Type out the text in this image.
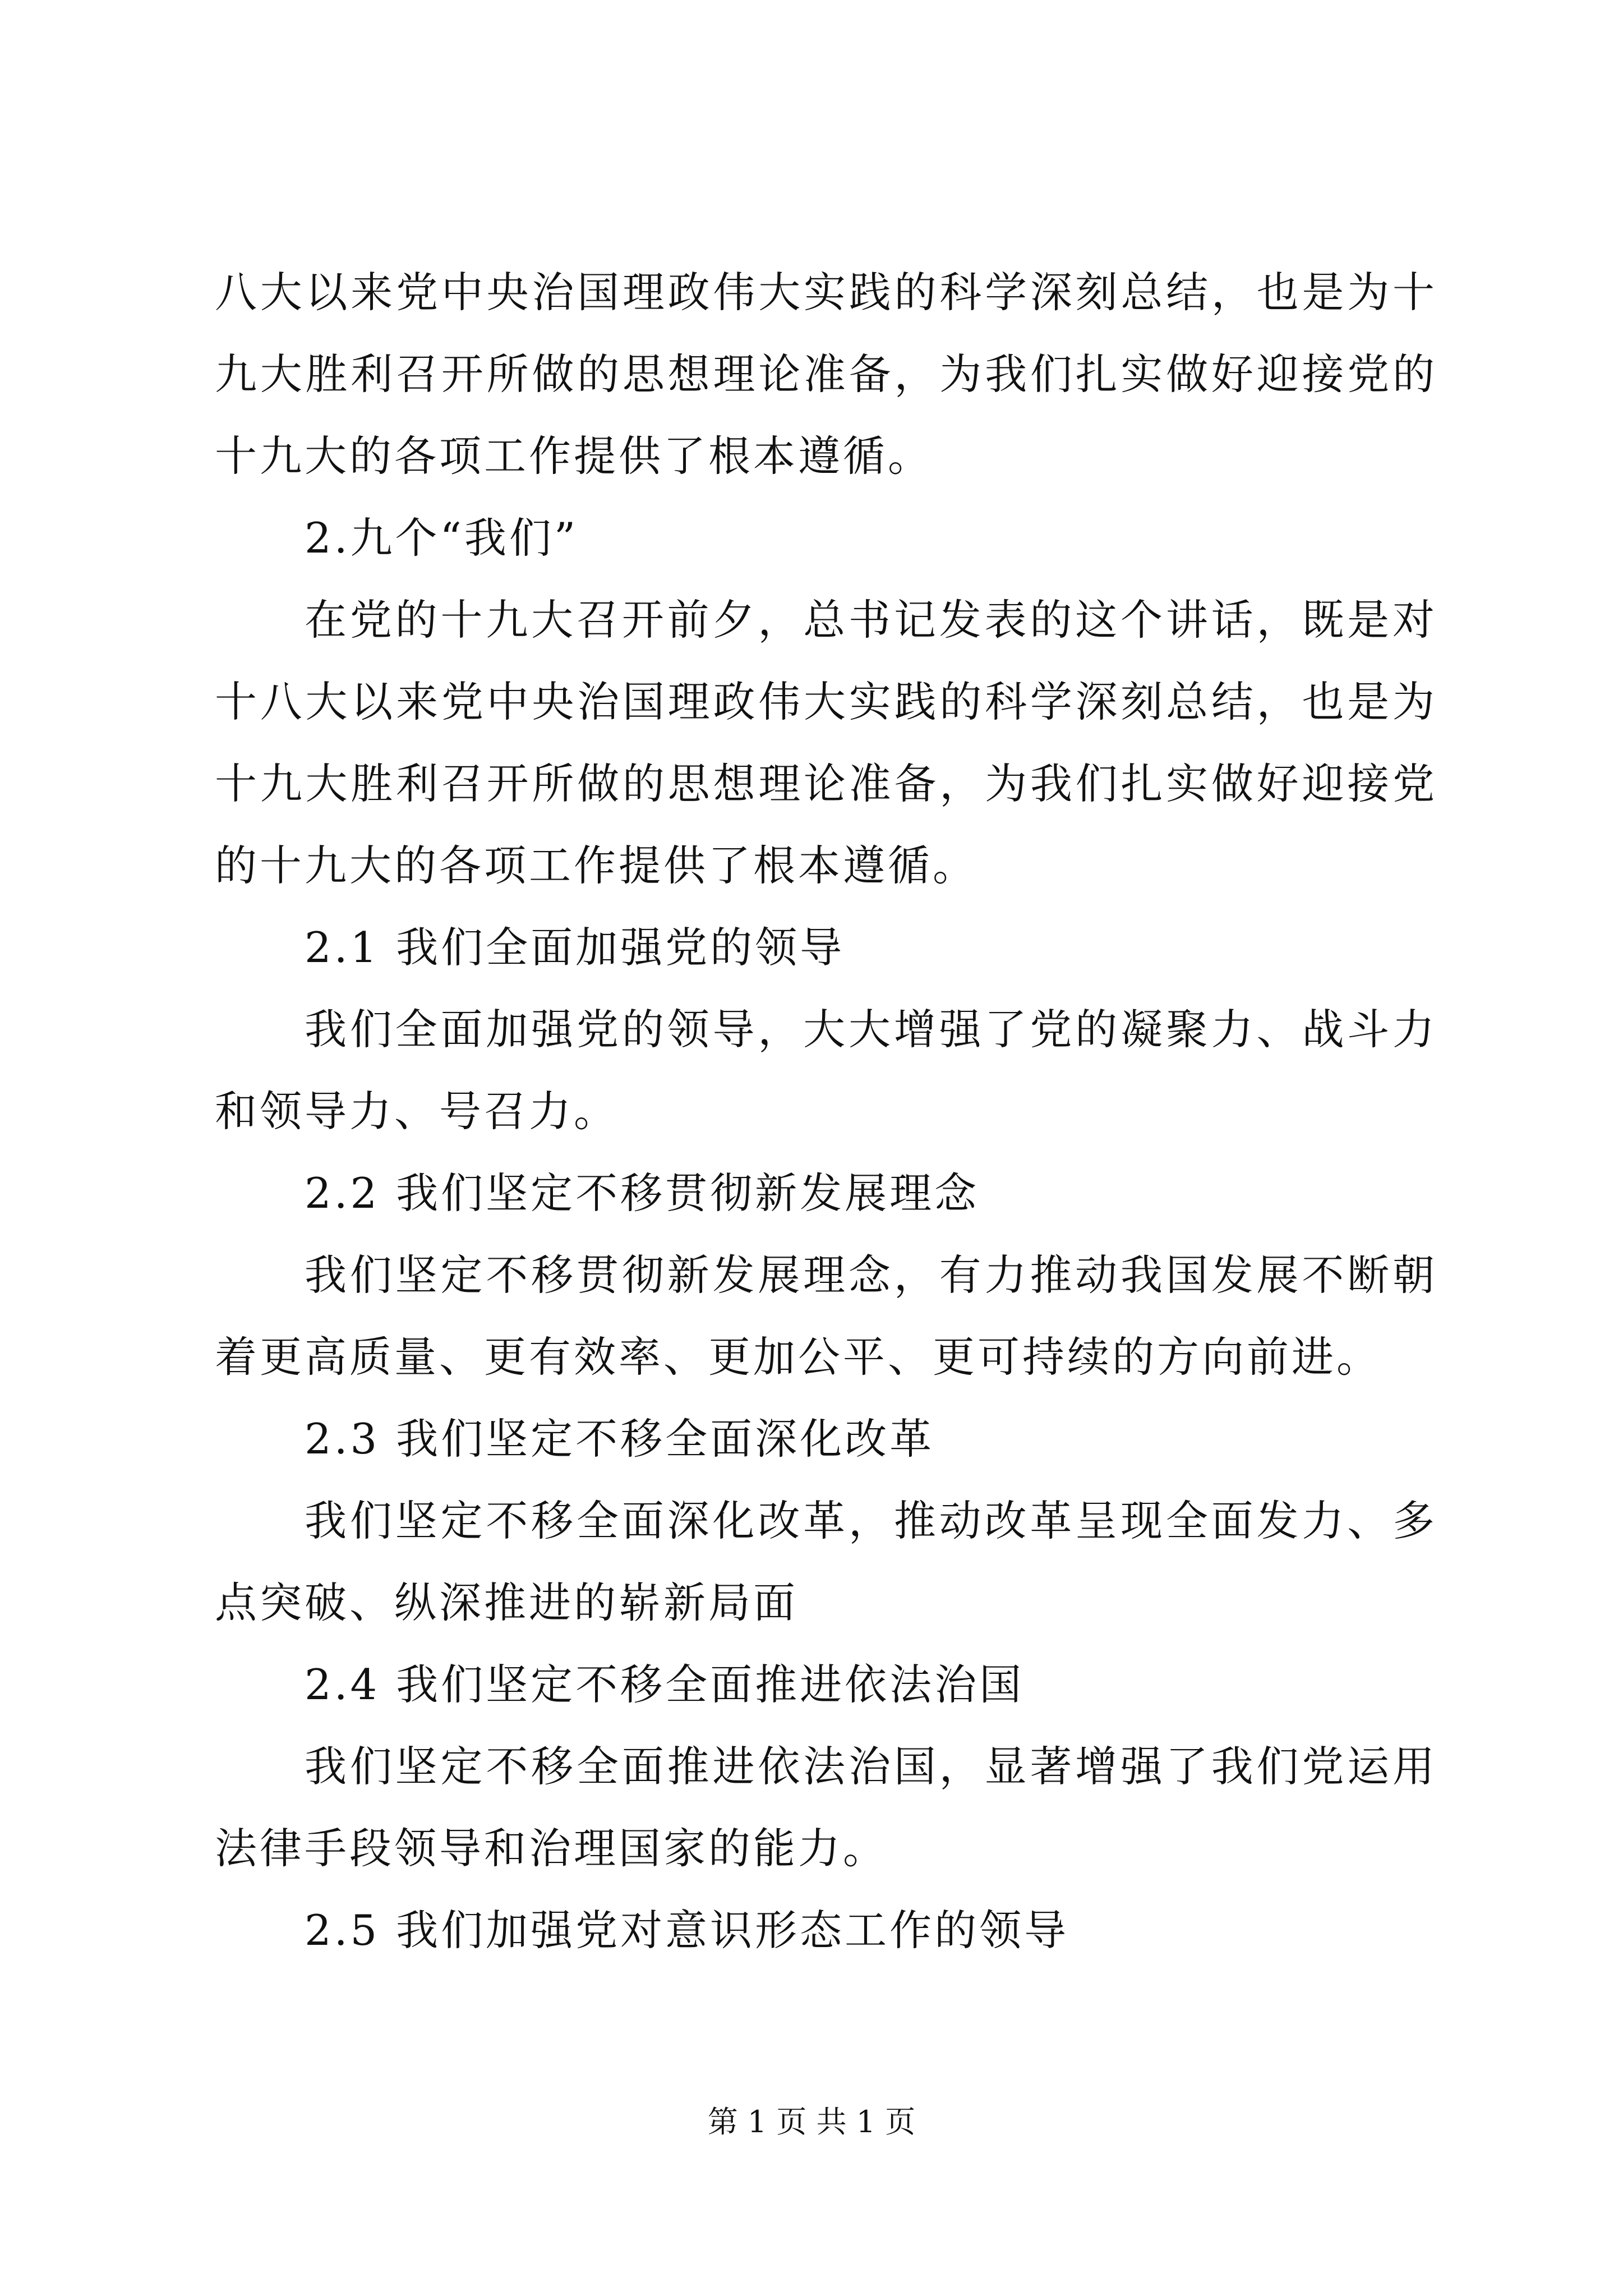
八大以来党中央治国理政伟大实践的科学深刻总结，也是为十九大胜利召开所做的思想理论准备，为我们扎实做好迎接党的十九大的各项工作提供了根本遵循。

2.九个“我们”

在党的十九大召开前夕，总书记发表的这个讲话，既是对十八大以来党中央治国理政伟大实践的科学深刻总结，也是为十九大胜利召开所做的思想理论准备，为我们扎实做好迎接党的十九大的各项工作提供了根本遵循。

2.1 我们全面加强党的领导

我们全面加强党的领导，大大增强了党的凝聚力、战斗力和领导力、号召力。

2.2 我们坚定不移贯彻新发展理念

我们坚定不移贯彻新发展理念，有力推动我国发展不断朝着更高质量、更有效率、更加公平、更可持续的方向前进。

2.3 我们坚定不移全面深化改革

我们坚定不移全面深化改革，推动改革呈现全面发力、多点突破、纵深推进的崭新局面

2.4 我们坚定不移全面推进依法治国

我们坚定不移全面推进依法治国，显著增强了我们党运用法律手段领导和治理国家的能力。

2.5 我们加强党对意识形态工作的领导

第 1 页 共 1 页
